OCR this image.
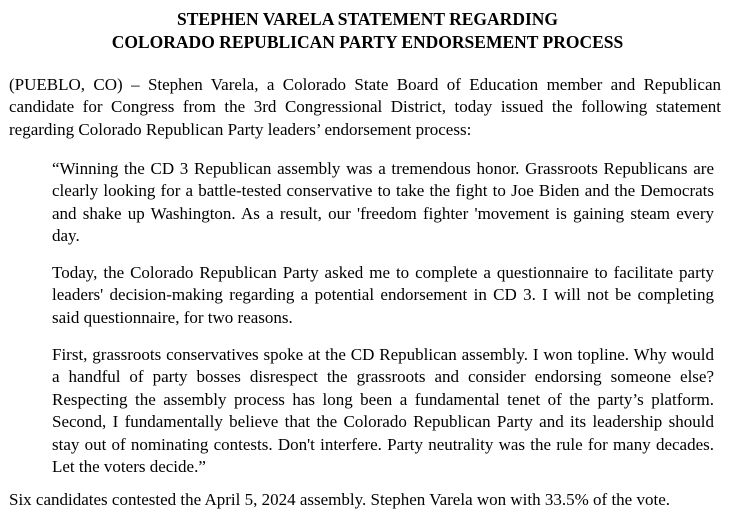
STEPHEN VARELA STATEMENT REGARDING
COLORADO REPUBLICAN PARTY ENDORSEMENT PROCESS

(PUEBLO, CO) – Stephen Varela, a Colorado State Board of Education member and Republican candidate for Congress from the 3rd Congressional District, today issued the following statement regarding Colorado Republican Party leaders’ endorsement process:

“Winning the CD 3 Republican assembly was a tremendous honor. Grassroots Republicans are clearly looking for a battle-tested conservative to take the fight to Joe Biden and the Democrats and shake up Washington. As a result, our 'freedom fighter 'movement is gaining steam every day.

Today, the Colorado Republican Party asked me to complete a questionnaire to facilitate party leaders' decision-making regarding a potential endorsement in CD 3. I will not be completing said questionnaire, for two reasons.

First, grassroots conservatives spoke at the CD Republican assembly. I won topline. Why would a handful of party bosses disrespect the grassroots and consider endorsing someone else? Respecting the assembly process has long been a fundamental tenet of the party’s platform. Second, I fundamentally believe that the Colorado Republican Party and its leadership should stay out of nominating contests. Don't interfere. Party neutrality was the rule for many decades. Let the voters decide.”

Six candidates contested the April 5, 2024 assembly. Stephen Varela won with 33.5% of the vote.
